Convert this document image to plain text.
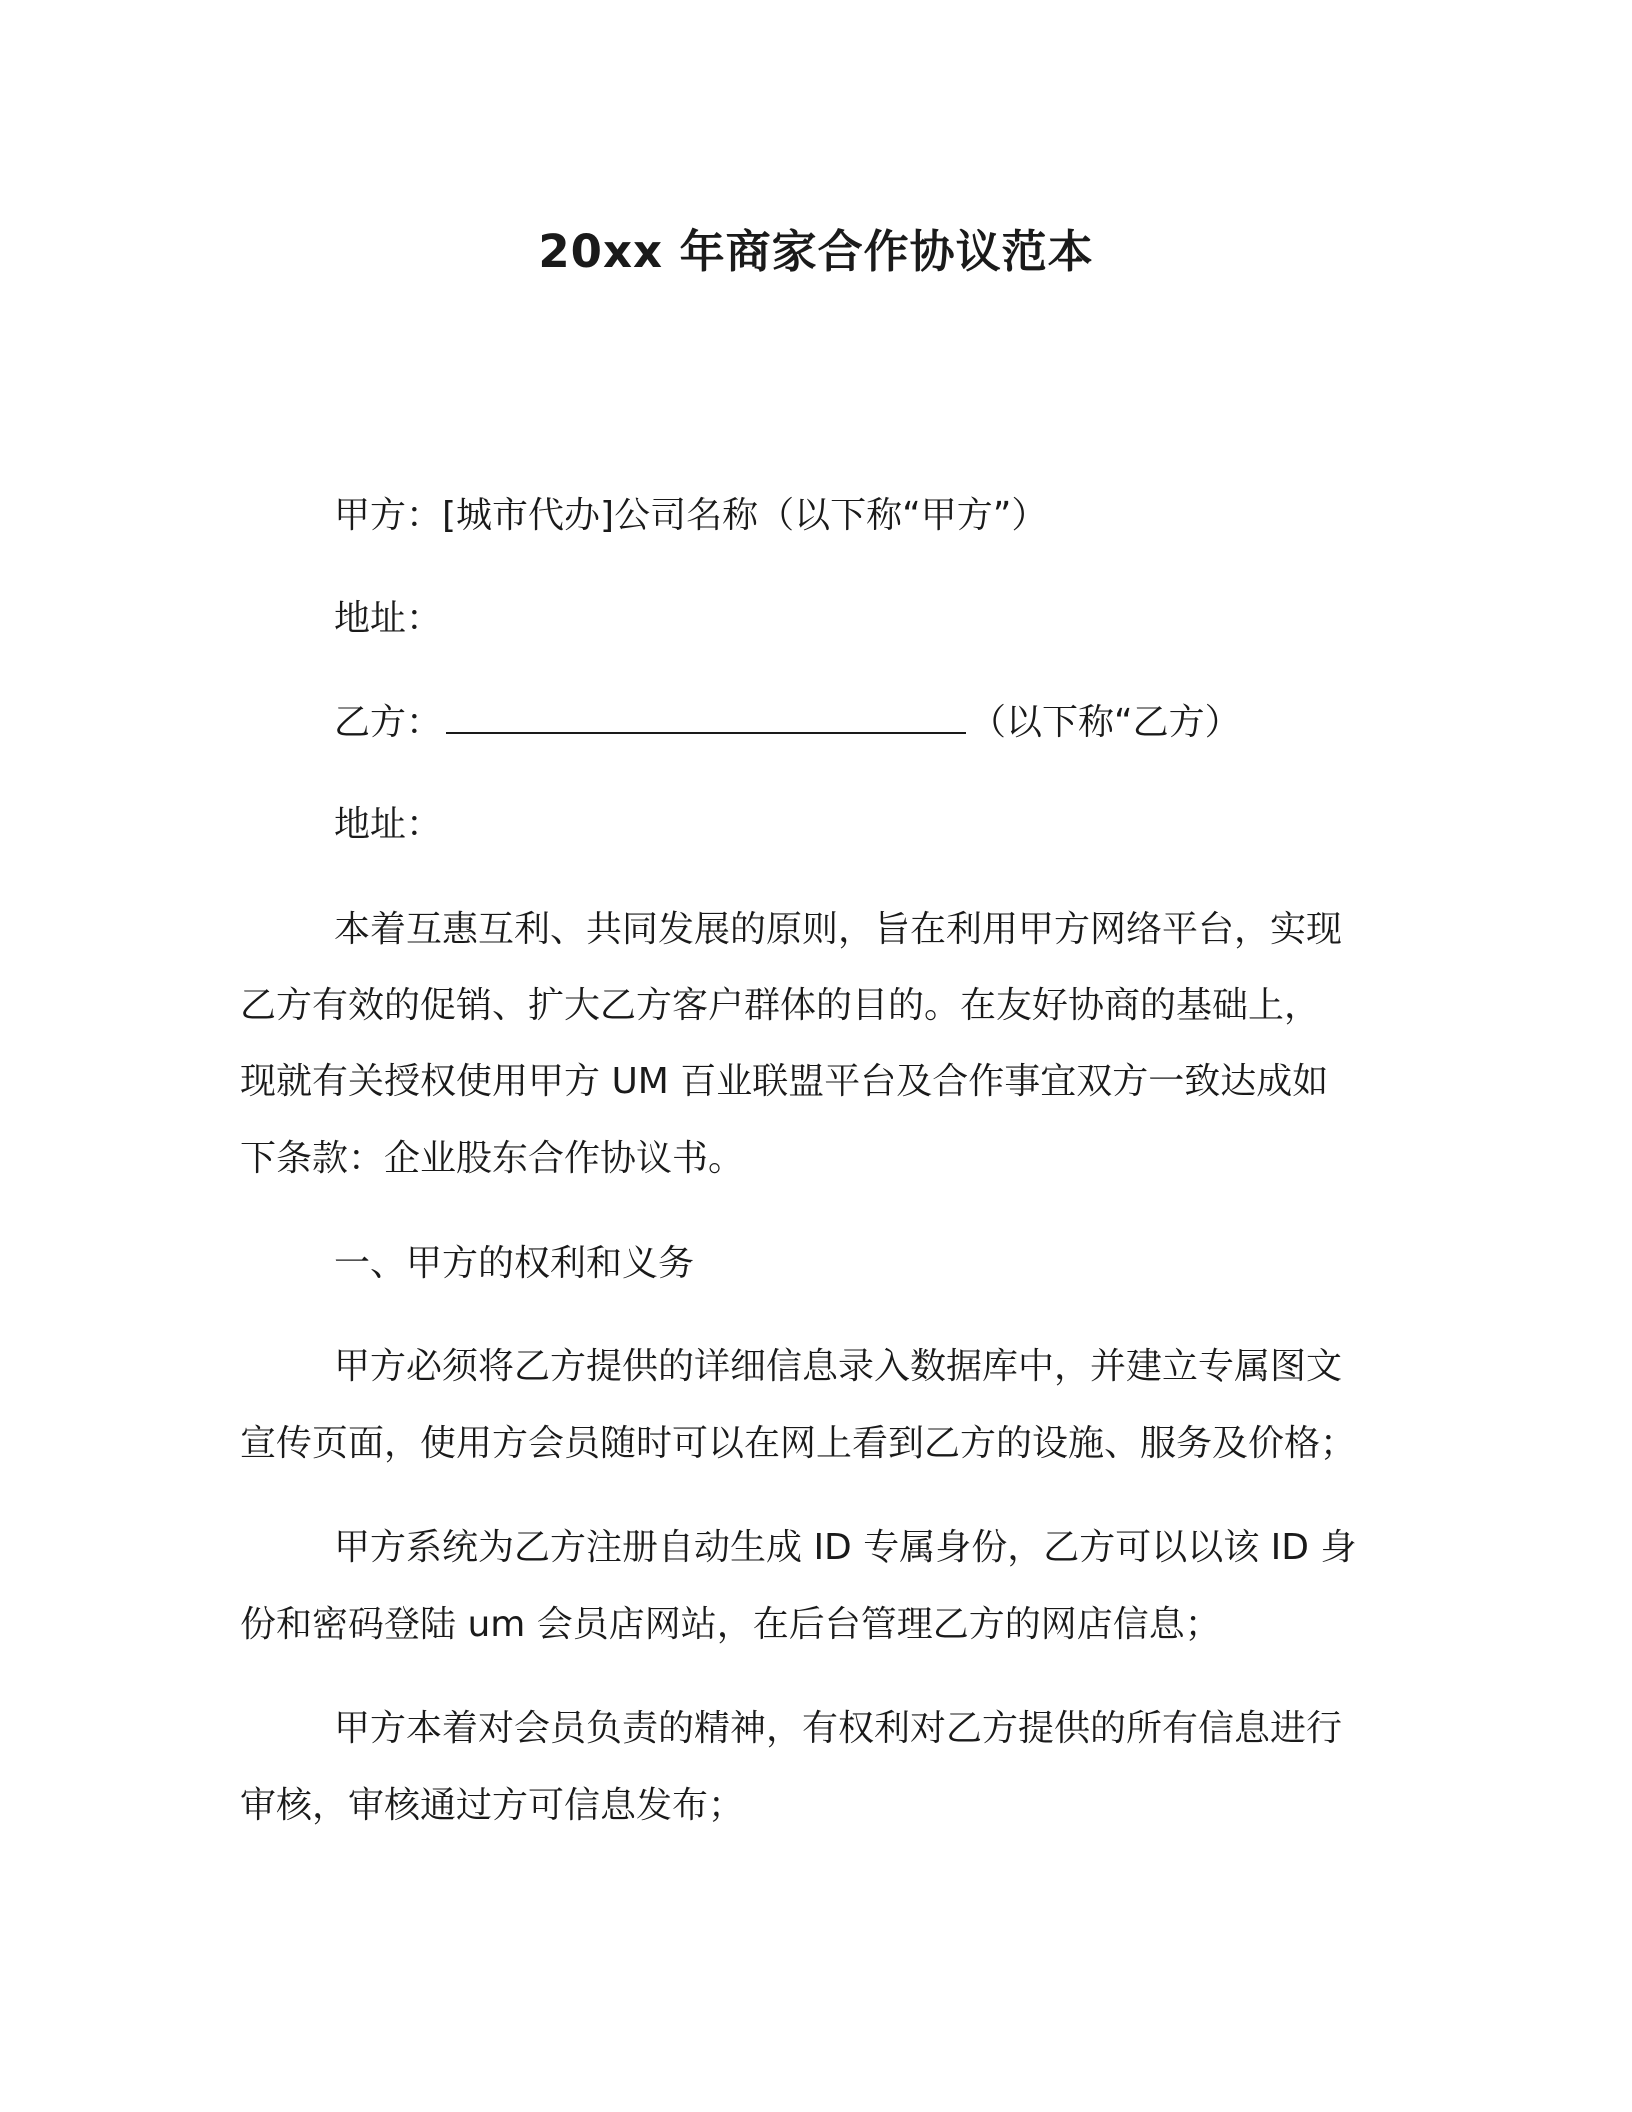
20xx 年商家合作协议范本
甲方：[城市代办]公司名称（以下称“甲方”）
地址：
乙方：	（以下称“乙方）
地址：
本着互惠互利、共同发展的原则，旨在利用甲方网络平台，实现
乙方有效的促销、扩大乙方客户群体的目的。在友好协商的基础上，
现就有关授权使用甲方 UM 百业联盟平台及合作事宜双方一致达成如
下条款：企业股东合作协议书。
一、甲方的权利和义务
甲方必须将乙方提供的详细信息录入数据库中，并建立专属图文
宣传页面，使用方会员随时可以在网上看到乙方的设施、服务及价格；
甲方系统为乙方注册自动生成 ID 专属身份，乙方可以以该 ID 身
份和密码登陆 um 会员店网站，在后台管理乙方的网店信息；
甲方本着对会员负责的精神，有权利对乙方提供的所有信息进行
审核，审核通过方可信息发布；
